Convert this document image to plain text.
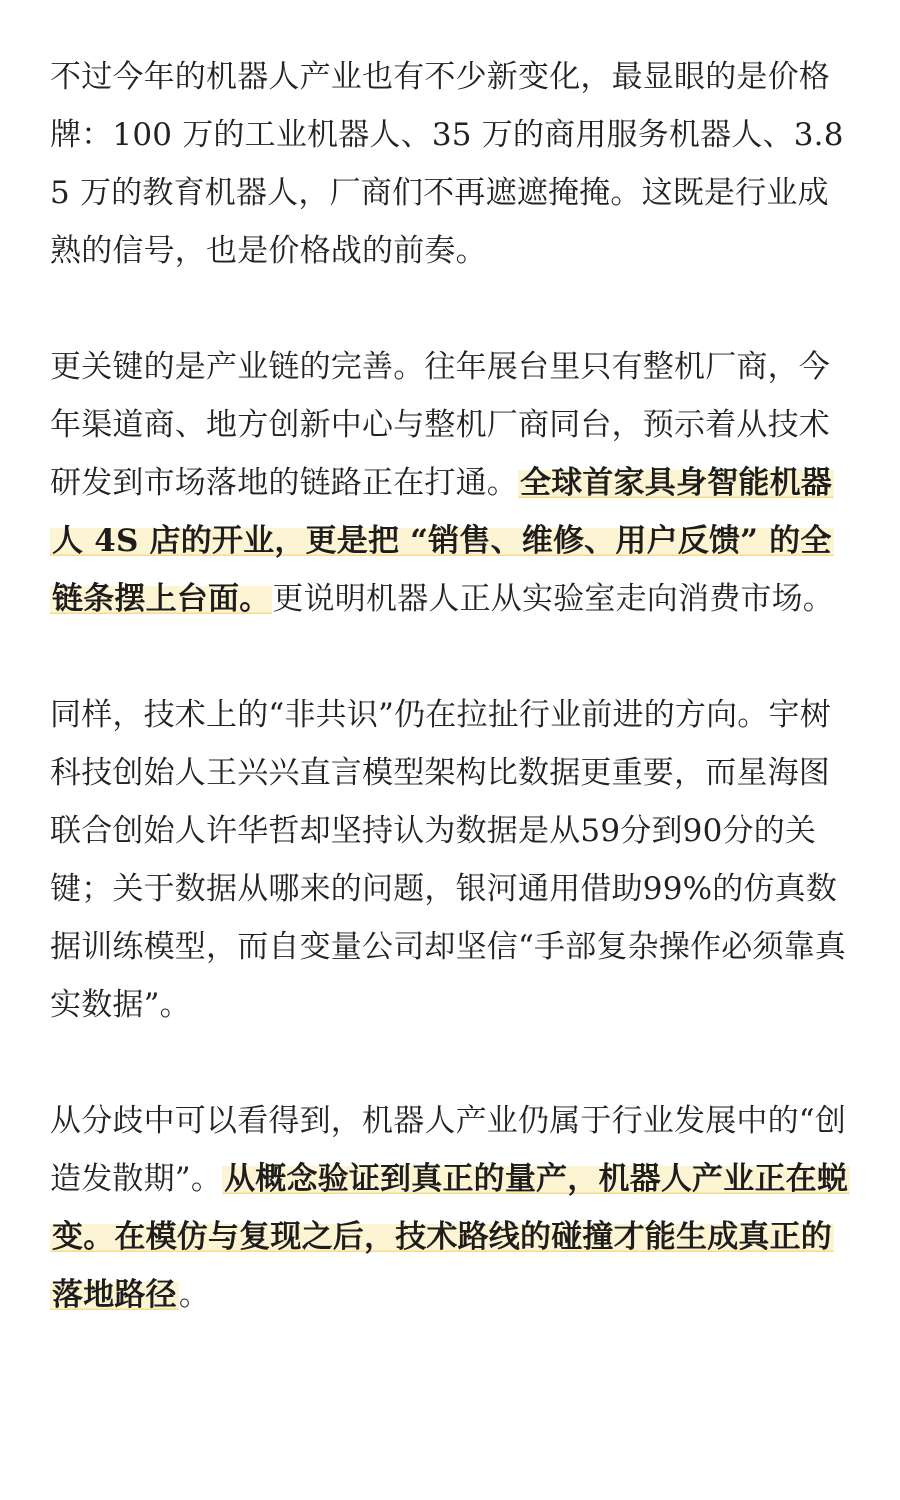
不过今年的机器人产业也有不少新变化，最显眼的是价格牌：100 万的工业机器人、35 万的商用服务机器人、3.85 万的教育机器人，厂商们不再遮遮掩掩。这既是行业成熟的信号，也是价格战的前奏。

更关键的是产业链的完善。往年展台里只有整机厂商，今年渠道商、地方创新中心与整机厂商同台，预示着从技术研发到市场落地的链路正在打通。全球首家具身智能机器人 4S 店的开业，更是把 “销售、维修、用户反馈” 的全链条摆上台面。更说明机器人正从实验室走向消费市场。

同样，技术上的“非共识”仍在拉扯行业前进的方向。宇树科技创始人王兴兴直言模型架构比数据更重要，而星海图联合创始人许华哲却坚持认为数据是从59分到90分的关键；关于数据从哪来的问题，银河通用借助99%的仿真数据训练模型，而自变量公司却坚信“手部复杂操作必须靠真实数据”。

从分歧中可以看得到，机器人产业仍属于行业发展中的“创造发散期”。从概念验证到真正的量产，机器人产业正在蜕变。在模仿与复现之后，技术路线的碰撞才能生成真正的落地路径。
